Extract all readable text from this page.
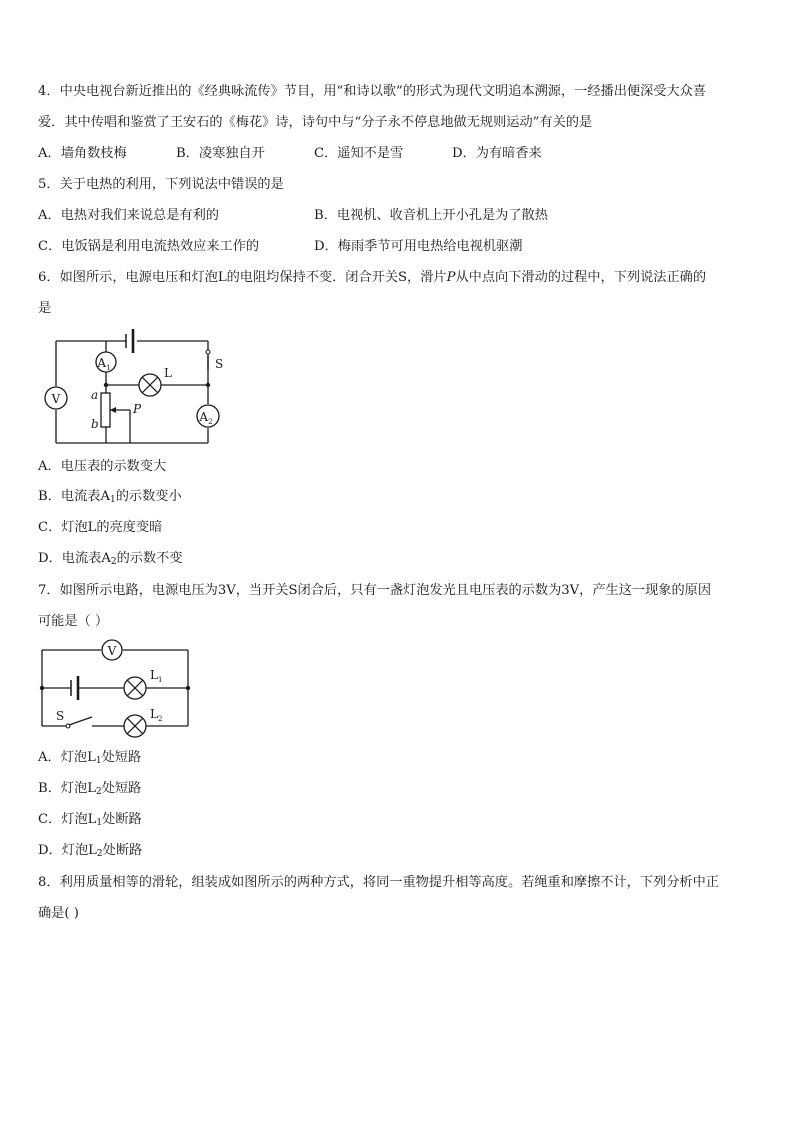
4．中央电视台新近推出的《经典咏流传》节目，用“和诗以歌”的形式为现代文明追本溯源，一经播出便深受大众喜
爱．其中传唱和鉴赏了王安石的《梅花》诗，诗句中与“分子永不停息地做无规则运动”有关的是
A．墙角数枝梅	B．凌寒独自开	C．遥知不是雪	D．为有暗香来
5．关于电热的利用，下列说法中错误的是
A．电热对我们来说总是有利的	B．电视机、收音机上开小孔是为了散热
C．电饭锅是利用电流热效应来工作的	D．梅雨季节可用电热给电视机驱潮
6．如图所示，电源电压和灯泡L的电阻均保持不变．闭合开关S，滑片P从中点向下滑动的过程中，下列说法正确的
是
V
$A_1$
$A_2$
L
S
a
b
P
A．电压表的示数变大
B．电流表$A_1$的示数变小
C．灯泡L的亮度变暗
D．电流表$A_2$的示数不变
7．如图所示电路，电源电压为3V，当开关S闭合后，只有一盏灯泡发光且电压表的示数为3V，产生这一现象的原因
可能是（ ）
V
$L_1$
$L_2$
S
A．灯泡$L_1$处短路
B．灯泡$L_2$处短路
C．灯泡$L_1$处断路
D．灯泡$L_2$处断路
8．利用质量相等的滑轮，组装成如图所示的两种方式，将同一重物提升相等高度。若绳重和摩擦不计，下列分析中正
确是( )
